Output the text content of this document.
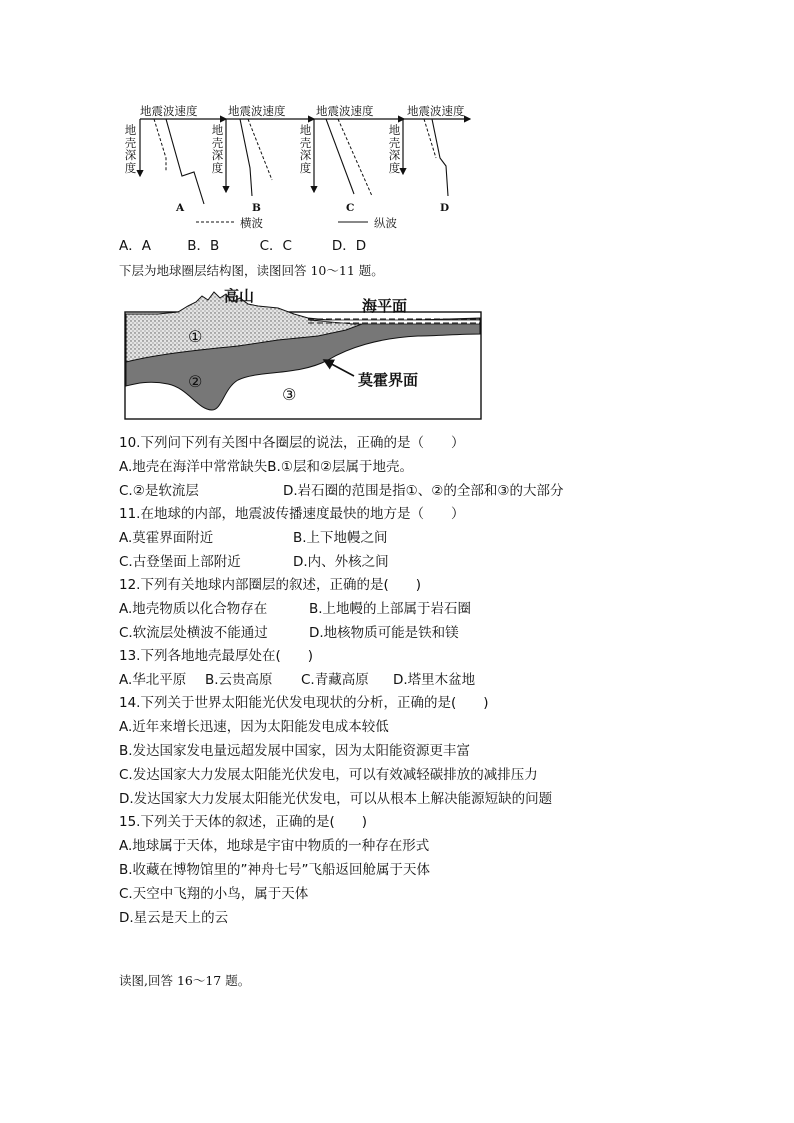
地震波速度	地震波速度	地震波速度	地震波速度
地壳深度
地壳深度
地壳深度
地壳深度
A	B	C	D
横波	纵波
A．A	B．B	C．C	D．D
下层为地球圈层结构图，读图回答 10～11 题。
高山
海平面
莫霍界面
①
②
③
10.下列问下列有关图中各圈层的说法，正确的是（　　）
A.地壳在海洋中常常缺失B.①层和②层属于地壳。
C.②是软流层	D.岩石圈的范围是指①、②的全部和③的大部分
11.在地球的内部，地震波传播速度最快的地方是（　　）
A.莫霍界面附近	B.上下地幔之间
C.古登堡面上部附近	D.内、外核之间
12.下列有关地球内部圈层的叙述，正确的是(　　)
A.地壳物质以化合物存在	B.上地幔的上部属于岩石圈
C.软流层处横波不能通过	D.地核物质可能是铁和镁
13.下列各地地壳最厚处在(　　)
A.华北平原 B.云贵高原 C.青藏高原 D.塔里木盆地
14.下列关于世界太阳能光伏发电现状的分析，正确的是(　　)
A.近年来增长迅速，因为太阳能发电成本较低
B.发达国家发电量远超发展中国家，因为太阳能资源更丰富
C.发达国家大力发展太阳能光伏发电，可以有效减轻碳排放的减排压力
D.发达国家大力发展太阳能光伏发电，可以从根本上解决能源短缺的问题
15.下列关于天体的叙述，正确的是(　　)
A.地球属于天体，地球是宇宙中物质的一种存在形式
B.收藏在博物馆里的”神舟七号”飞船返回舱属于天体
C.天空中飞翔的小鸟，属于天体
D.星云是天上的云
读图,回答 16～17 题。
